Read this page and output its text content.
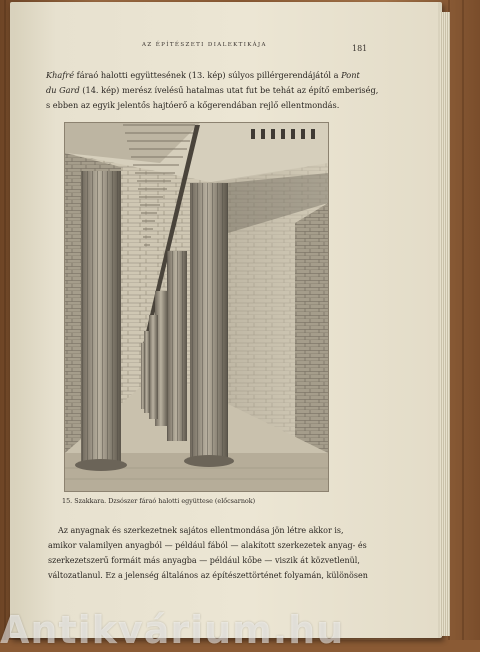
AZ ÉPÍTÉSZETI DIALEKTIKÁJA	181
Khafré fáraó halotti együttesének (13. kép) súlyos pillérgerendájától a Pont
du Gard (14. kép) merész ívelésű hatalmas utat fut be tehát az építő emberiség,
s ebben az egyik jelentős hajtóerő a kőgerendában rejlő ellentmondás.
15. Szakkara. Dzsószer fáraó halotti együttese (előcsarnok)
Az anyagnak és szerkezetnek sajátos ellentmondása jön létre akkor is,
amikor valamilyen anyagból — például fából — alakított szerkezetek anyag- és
szerkezetszerű formáit más anyagba — például kőbe — viszik át közvetlenül,
változatlanul. Ez a jelenség általános az építészettörténet folyamán, különösen
Antikvárium.hu
